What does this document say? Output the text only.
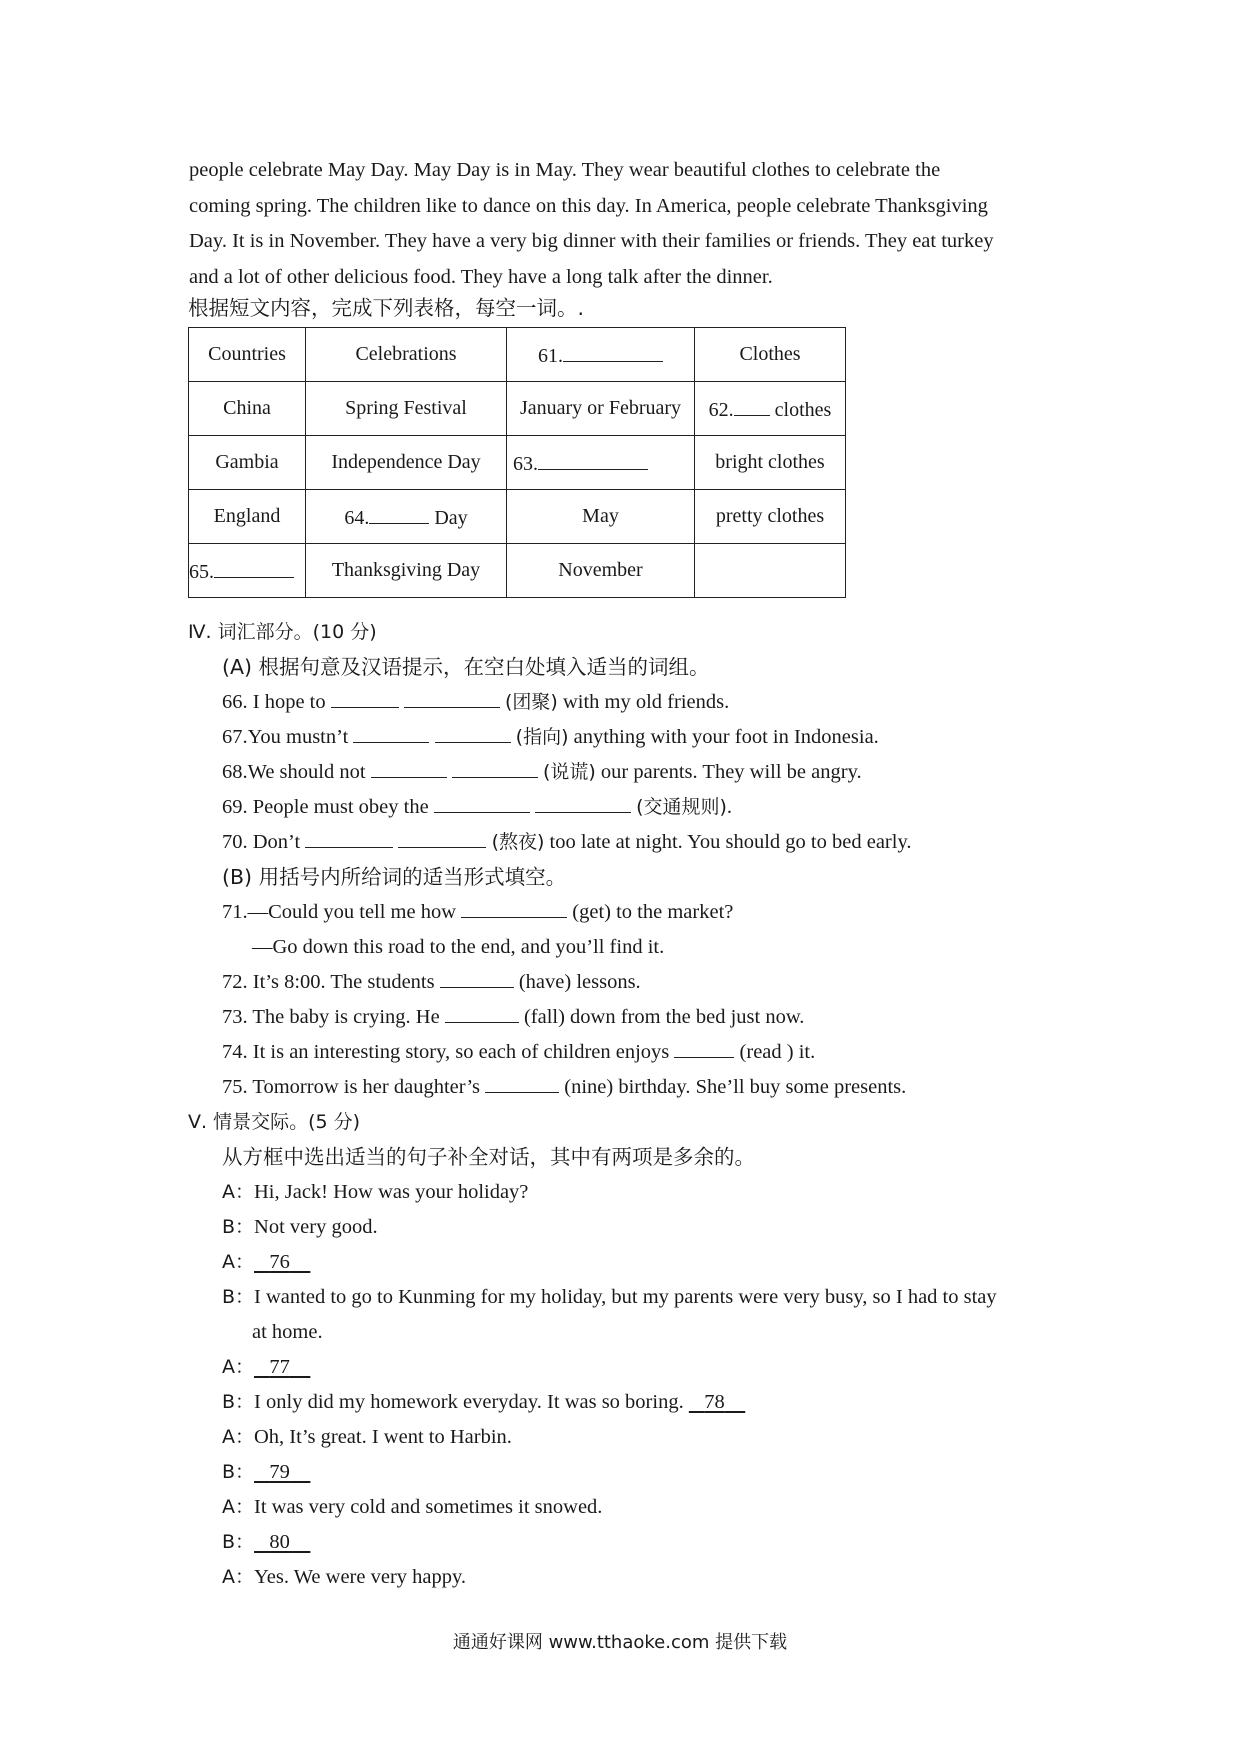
people celebrate May Day. May Day is in May. They wear beautiful clothes to celebrate the
coming spring. The children like to dance on this day. In America, people celebrate Thanksgiving
Day. It is in November. They have a very big dinner with their families or friends. They eat turkey
and a lot of other delicious food. They have a long talk after the dinner.
根据短文内容，完成下列表格，每空一词。.
Countries	Celebrations	61.	Clothes
China	Spring Festival	January or February	62. clothes
Gambia	Independence Day	63.	bright clothes
England	64. Day	May	pretty clothes
65.	Thanksgiving Day	November	
Ⅳ. 词汇部分。(10 分)
(A) 根据句意及汉语提示，在空白处填入适当的词组。
66. I hope to	(团聚) with my old friends.
67.You mustn’t	(指向) anything with your foot in Indonesia.
68.We should not	(说谎) our parents. They will be angry.
69. People must obey the	(交通规则).
70. Don’t	(熬夜) too late at night. You should go to bed early.
(B) 用括号内所给词的适当形式填空。
71.—Could you tell me how	(get) to the market?
—Go down this road to the end, and you’ll find it.
72. It’s 8:00. The students	(have) lessons.
73. The baby is crying. He	(fall) down from the bed just now.
74. It is an interesting story, so each of children enjoys	(read ) it.
75. Tomorrow is her daughter’s	(nine) birthday. She’ll buy some presents.
Ⅴ. 情景交际。(5 分)
从方框中选出适当的句子补全对话，其中有两项是多余的。
A：Hi, Jack! How was your holiday?
B：Not very good.
A： 76
B：I wanted to go to Kunming for my holiday, but my parents were very busy, so I had to stay
at home.
A： 77
B：I only did my homework everyday. It was so boring. 78
A：Oh, It’s great. I went to Harbin.
B： 79
A：It was very cold and sometimes it snowed.
B： 80
A：Yes. We were very happy.
通通好课网 www.tthaoke.com 提供下载
